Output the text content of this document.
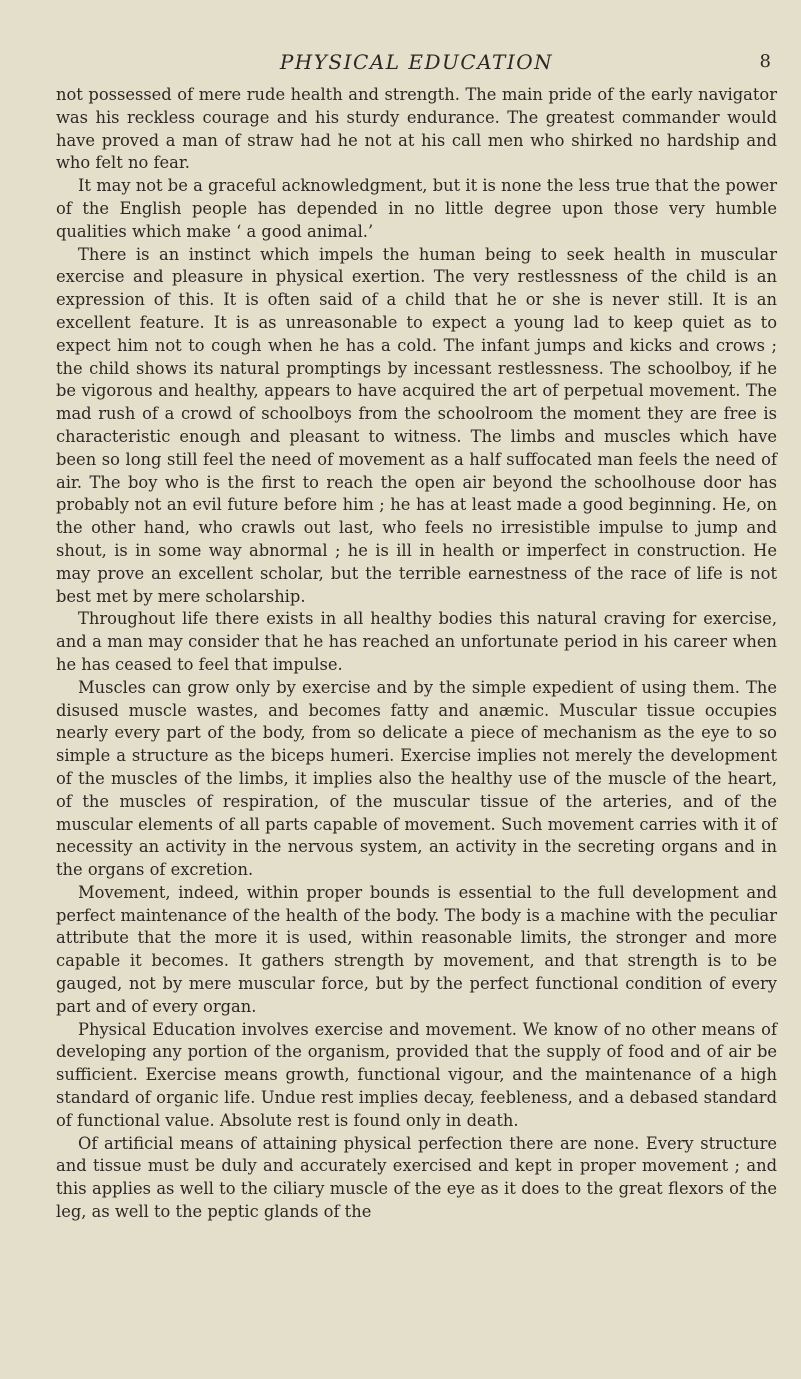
PHYSICAL EDUCATION	8

not possessed of mere rude health and strength. The main pride of the early navigator was his reckless courage and his sturdy endurance. The greatest commander would have proved a man of straw had he not at his call men who shirked no hardship and who felt no fear.

It may not be a graceful acknowledgment, but it is none the less true that the power of the English people has depended in no little degree upon those very humble qualities which make ‘ a good animal.’

There is an instinct which impels the human being to seek health in muscular exercise and pleasure in physical exertion. The very restlessness of the child is an expression of this. It is often said of a child that he or she is never still. It is an excellent feature. It is as unreasonable to expect a young lad to keep quiet as to expect him not to cough when he has a cold. The infant jumps and kicks and crows ; the child shows its natural promptings by incessant restlessness. The schoolboy, if he be vigorous and healthy, appears to have acquired the art of perpetual movement. The mad rush of a crowd of schoolboys from the schoolroom the moment they are free is characteristic enough and pleasant to witness. The limbs and muscles which have been so long still feel the need of movement as a half suffocated man feels the need of air. The boy who is the first to reach the open air beyond the schoolhouse door has probably not an evil future before him ; he has at least made a good beginning. He, on the other hand, who crawls out last, who feels no irresistible impulse to jump and shout, is in some way abnormal ; he is ill in health or imperfect in construction. He may prove an excellent scholar, but the terrible earnestness of the race of life is not best met by mere scholarship.

Throughout life there exists in all healthy bodies this natural craving for exercise, and a man may consider that he has reached an unfortunate period in his career when he has ceased to feel that impulse.

Muscles can grow only by exercise and by the simple expedient of using them. The disused muscle wastes, and becomes fatty and anæmic. Muscular tissue occupies nearly every part of the body, from so delicate a piece of mechanism as the eye to so simple a structure as the biceps humeri. Exercise implies not merely the development of the muscles of the limbs, it implies also the healthy use of the muscle of the heart, of the muscles of respiration, of the muscular tissue of the arteries, and of the muscular elements of all parts capable of movement. Such movement carries with it of necessity an activity in the nervous system, an activity in the secreting organs and in the organs of excretion.

Movement, indeed, within proper bounds is essential to the full development and perfect maintenance of the health of the body. The body is a machine with the peculiar attribute that the more it is used, within reasonable limits, the stronger and more capable it becomes. It gathers strength by movement, and that strength is to be gauged, not by mere muscular force, but by the perfect functional condition of every part and of every organ.

Physical Education involves exercise and movement. We know of no other means of developing any portion of the organism, provided that the supply of food and of air be sufficient. Exercise means growth, functional vigour, and the maintenance of a high standard of organic life. Undue rest implies decay, feebleness, and a debased standard of functional value. Absolute rest is found only in death.

Of artificial means of attaining physical perfection there are none. Every structure and tissue must be duly and accurately exercised and kept in proper movement ; and this applies as well to the ciliary muscle of the eye as it does to the great flexors of the leg, as well to the peptic glands of the
